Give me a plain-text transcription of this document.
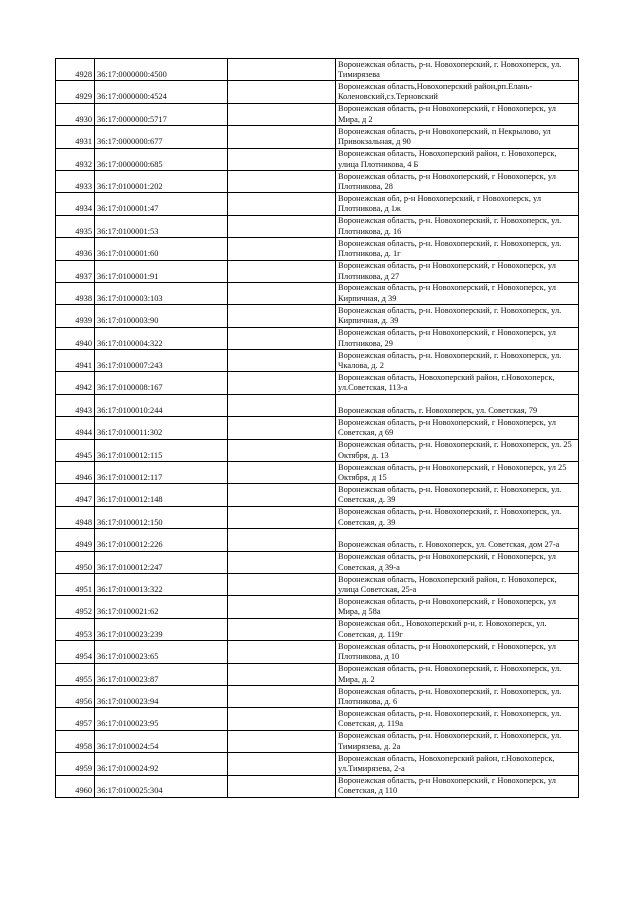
4928	36:17:0000000:4500		Воронежская область, р-н. Новохоперский, г. Новохоперск, ул. Тимирязева
4929	36:17:0000000:4524		Воронежская область,Новохоперский район,рп.Елань-Коленовский,сз.Терновский
4930	36:17:0000000:5717		Воронежская область, р-н Новохоперский, г Новохоперск, ул Мира, д 2
4931	36:17:0000000:677		Воронежская область, р-н Новохоперский, п Некрылово, ул Привокзальная, д 90
4932	36:17:0000000:685		Воронежская область, Новохоперский район, г. Новохоперск, улица Плотникова, 4 Б
4933	36:17:0100001:202		Воронежская область, р-н Новохоперский, г Новохоперск, ул Плотникова, 28
4934	36:17:0100001:47		Воронежская обл, р-н Новохоперский, г Новохоперск, ул Плотникова, д 1ж
4935	36:17:0100001:53		Воронежская область, р-н. Новохоперский, г. Новохоперск, ул. Плотникова, д. 16
4936	36:17:0100001:60		Воронежская область, р-н. Новохоперский, г. Новохоперск, ул. Плотникова, д. 1г
4937	36:17:0100001:91		Воронежская область, р-н Новохоперский, г Новохоперск, ул Плотникова, д 27
4938	36:17:0100003:103		Воронежская область, р-н Новохоперский, г Новохоперск, ул Кирпичная, д 39
4939	36:17:0100003:90		Воронежская область, р-н. Новохоперский, г. Новохоперск, ул. Кирпичная, д. 39
4940	36:17:0100004:322		Воронежская область, р-н Новохоперский, г Новохоперск, ул Плотникова, 29
4941	36:17:0100007:243		Воронежская область, р-н. Новохоперский, г. Новохоперск, ул. Чкалова, д. 2
4942	36:17:0100008:167		Воронежская область, Новохоперский район, г.Новохоперск, ул.Советская, 113-а
4943	36:17:0100010:244		Воронежская область, г. Новохоперск, ул. Советская, 79
4944	36:17:0100011:302		Воронежская область, р-н Новохоперский, г Новохоперск, ул Советская, д 69
4945	36:17:0100012:115		Воронежская область, р-н. Новохоперский, г. Новохоперск, ул. 25 Октября, д. 13
4946	36:17:0100012:117		Воронежская область, р-н Новохоперский, г Новохоперск, ул 25 Октября, д 15
4947	36:17:0100012:148		Воронежская область, р-н. Новохоперский, г. Новохоперск, ул. Советская, д. 39
4948	36:17:0100012:150		Воронежская область, р-н. Новохоперский, г. Новохоперск, ул. Советская, д. 39
4949	36:17:0100012:226		Воронежская область, г. Новохоперск, ул. Советская, дом 27-а
4950	36:17:0100012:247		Воронежская область, р-н Новохоперский, г Новохоперск, ул Советская, д 39-а
4951	36:17:0100013:322		Воронежская область, Новохоперский район, г. Новохоперск, улица Советская, 25-а
4952	36:17:0100021:62		Воронежская область, р-н Новохоперский, г Новохоперск, ул Мира, д 58а
4953	36:17:0100023:239		Воронежская обл., Новохоперский р-н, г. Новохоперск, ул. Советская, д. 119г
4954	36:17:0100023:65		Воронежская область, р-н Новохоперский, г Новохоперск, ул Плотникова, д 10
4955	36:17:0100023:87		Воронежская область, р-н. Новохоперский, г. Новохоперск, ул. Мира, д. 2
4956	36:17:0100023:94		Воронежская область, р-н. Новохоперский, г. Новохоперск, ул. Плотникова, д. 6
4957	36:17:0100023:95		Воронежская область, р-н. Новохоперский, г. Новохоперск, ул. Советская, д. 119а
4958	36:17:0100024:54		Воронежская область, р-н. Новохоперский, г. Новохоперск, ул. Тимирязева, д. 2а
4959	36:17:0100024:92		Воронежская область, Новохоперский район, г.Новохоперск, ул.Тимирязева, 2-а
4960	36:17:0100025:304		Воронежская область, р-н Новохоперский, г Новохоперск, ул Советская, д 110
